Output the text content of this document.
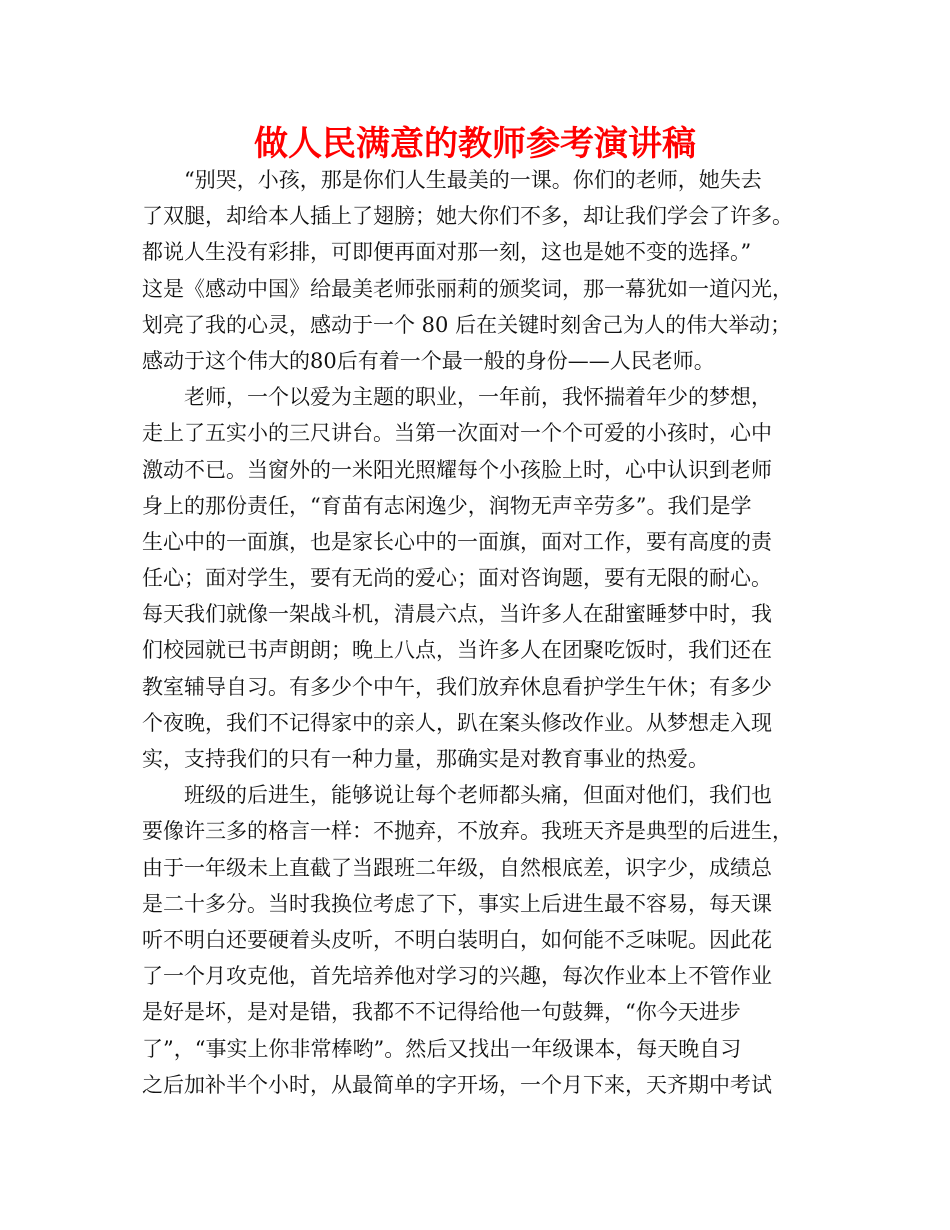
做人民满意的教师参考演讲稿
　　“别哭，小孩，那是你们人生最美的一课。你们的老师，她失去
了双腿，却给本人插上了翅膀；她大你们不多，却让我们学会了许多。
都说人生没有彩排，可即便再面对那一刻，这也是她不变的选择。”
这是《感动中国》给最美老师张丽莉的颁奖词，那一幕犹如一道闪光，
划亮了我的心灵，感动于一个 80 后在关键时刻舍己为人的伟大举动；
感动于这个伟大的80后有着一个最一般的身份——人民老师。
　　老师，一个以爱为主题的职业，一年前，我怀揣着年少的梦想，
走上了五实小的三尺讲台。当第一次面对一个个可爱的小孩时，心中
激动不已。当窗外的一米阳光照耀每个小孩脸上时，心中认识到老师
身上的那份责任，“育苗有志闲逸少，润物无声辛劳多”。我们是学
生心中的一面旗，也是家长心中的一面旗，面对工作，要有高度的责
任心；面对学生，要有无尚的爱心；面对咨询题，要有无限的耐心。
每天我们就像一架战斗机，清晨六点，当许多人在甜蜜睡梦中时，我
们校园就已书声朗朗；晚上八点，当许多人在团聚吃饭时，我们还在
教室辅导自习。有多少个中午，我们放弃休息看护学生午休；有多少
个夜晚，我们不记得家中的亲人，趴在案头修改作业。从梦想走入现
实，支持我们的只有一种力量，那确实是对教育事业的热爱。
　　班级的后进生，能够说让每个老师都头痛，但面对他们，我们也
要像许三多的格言一样：不抛弃，不放弃。我班天齐是典型的后进生，
由于一年级未上直截了当跟班二年级，自然根底差，识字少，成绩总
是二十多分。当时我换位考虑了下，事实上后进生最不容易，每天课
听不明白还要硬着头皮听，不明白装明白，如何能不乏味呢。因此花
了一个月攻克他，首先培养他对学习的兴趣，每次作业本上不管作业
是好是坏，是对是错，我都不不记得给他一句鼓舞，“你今天进步
了”，“事实上你非常棒哟”。然后又找出一年级课本，每天晚自习
之后加补半个小时，从最简单的字开场，一个月下来，天齐期中考试
